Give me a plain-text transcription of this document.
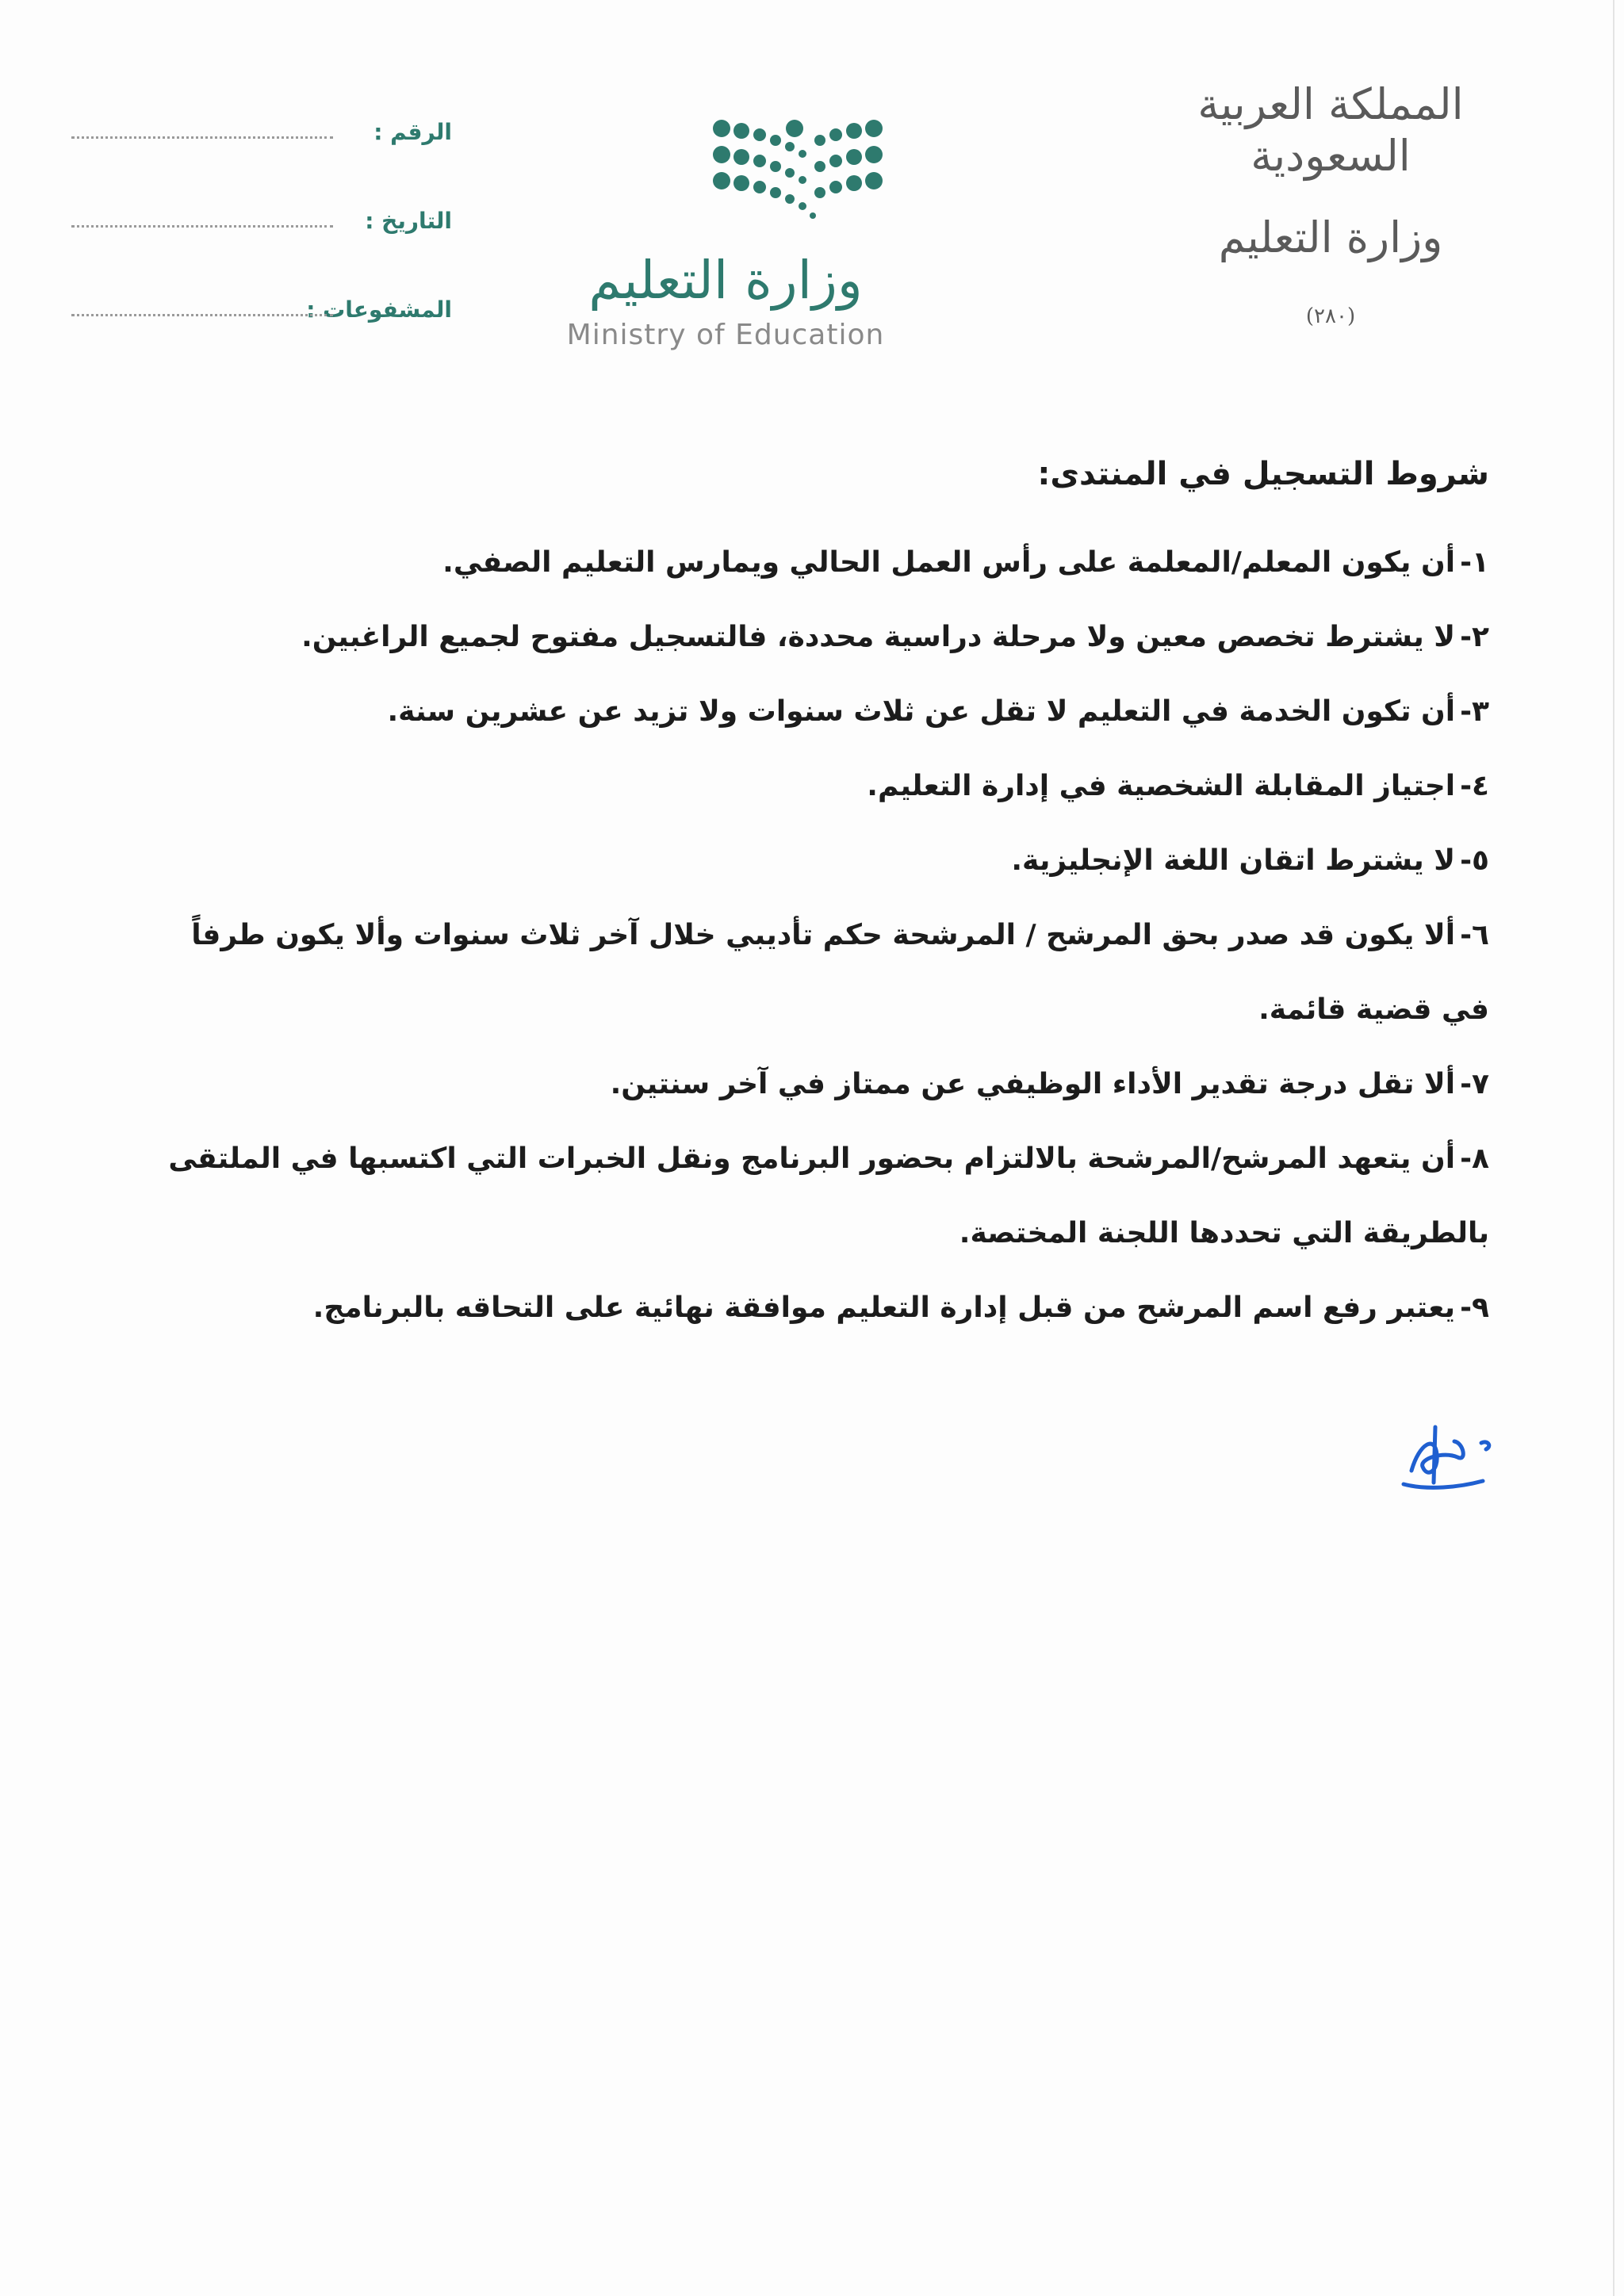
المملكة العربية السعودية
وزارة التعليم
(٢٨٠)
وزارة التعليم
Ministry of Education
الرقم :
التاريخ :
المشفوعات :
شروط التسجيل في المنتدى:

١-أن يكون المعلم/المعلمة على رأس العمل الحالي ويمارس التعليم الصفي.

٢-لا يشترط تخصص معين ولا مرحلة دراسية محددة، فالتسجيل مفتوح لجميع الراغبين.

٣-أن تكون الخدمة في التعليم لا تقل عن ثلاث سنوات ولا تزيد عن عشرين سنة.

٤-اجتياز المقابلة الشخصية في إدارة التعليم.

٥-لا يشترط اتقان اللغة الإنجليزية.

٦-ألا يكون قد صدر بحق المرشح / المرشحة حكم تأديبي خلال آخر ثلاث سنوات وألا يكون طرفاً في قضية قائمة.

٧-ألا تقل درجة تقدير الأداء الوظيفي عن ممتاز في آخر سنتين.

٨-أن يتعهد المرشح/المرشحة بالالتزام بحضور البرنامج ونقل الخبرات التي اكتسبها في الملتقى بالطريقة التي تحددها اللجنة المختصة.

٩-يعتبر رفع اسم المرشح من قبل إدارة التعليم موافقة نهائية على التحاقه بالبرنامج.
